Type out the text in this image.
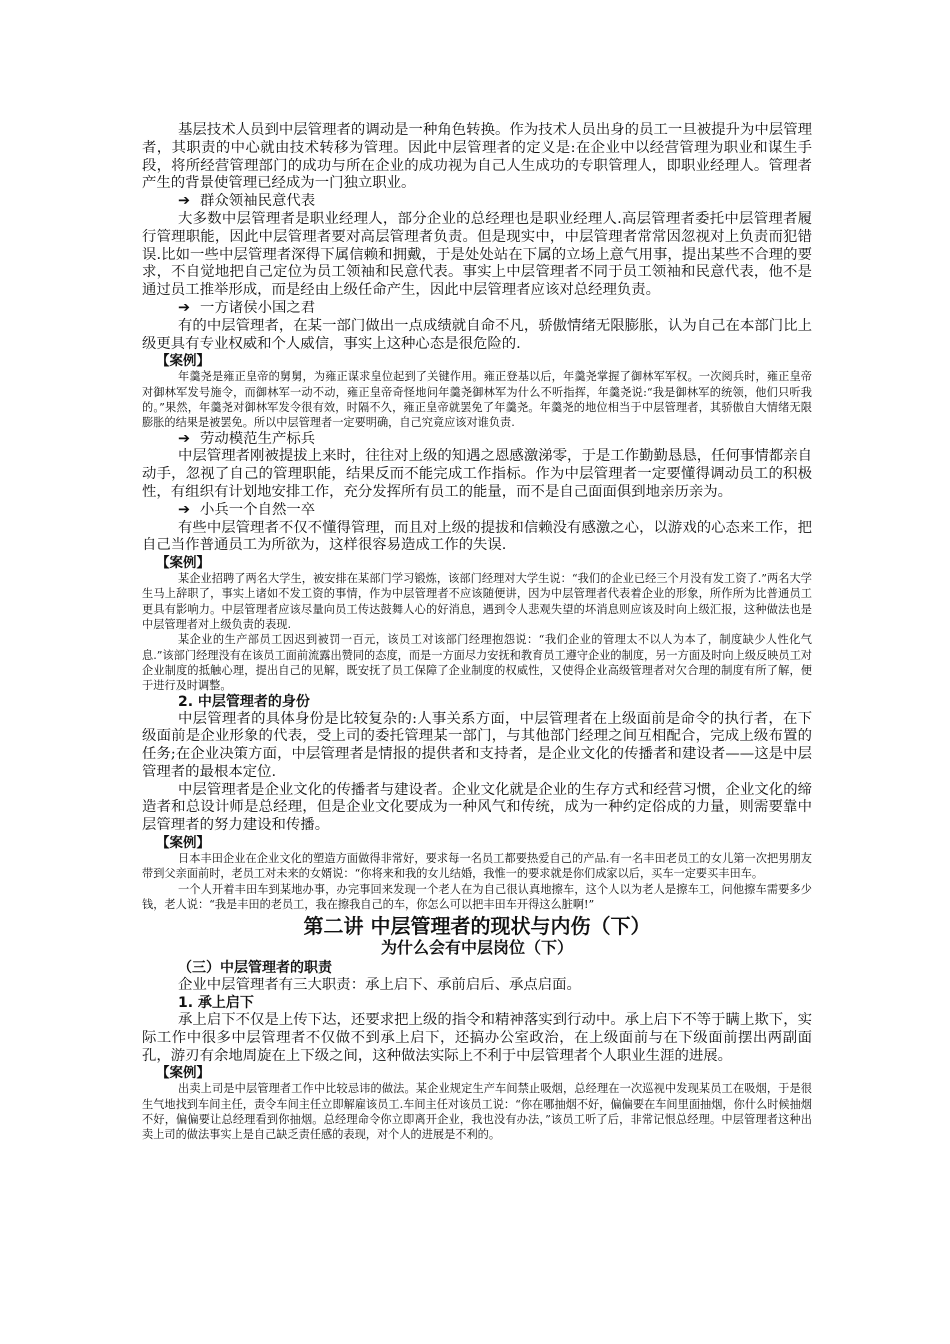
基层技术人员到中层管理者的调动是一种角色转换。作为技术人员出身的员工一旦被提升为中层管理者，其职责的中心就由技术转移为管理。因此中层管理者的定义是:在企业中以经营管理为职业和谋生手段，将所经营管理部门的成功与所在企业的成功视为自己人生成功的专职管理人，即职业经理人。管理者产生的背景使管理已经成为一门独立职业。

➔ 群众领袖民意代表

大多数中层管理者是职业经理人，部分企业的总经理也是职业经理人.高层管理者委托中层管理者履行管理职能，因此中层管理者要对高层管理者负责。但是现实中，中层管理者常常因忽视对上负责而犯错误.比如一些中层管理者深得下属信赖和拥戴，于是处处站在下属的立场上意气用事，提出某些不合理的要求，不自觉地把自己定位为员工领袖和民意代表。事实上中层管理者不同于员工领袖和民意代表，他不是通过员工推举形成，而是经由上级任命产生，因此中层管理者应该对总经理负责。

➔ 一方诸侯小国之君

有的中层管理者，在某一部门做出一点成绩就自命不凡，骄傲情绪无限膨胀，认为自己在本部门比上级更具有专业权威和个人威信，事实上这种心态是很危险的.

【案例】

年羹尧是雍正皇帝的舅舅，为雍正谋求皇位起到了关键作用。雍正登基以后，年羹尧掌握了御林军军权。一次阅兵时，雍正皇帝对御林军发号施令，而御林军一动不动，雍正皇帝奇怪地问年羹尧御林军为什么不听指挥，年羹尧说:“我是御林军的统领，他们只听我的。”果然，年羹尧对御林军发令很有效，时隔不久，雍正皇帝就罢免了年羹尧。年羹尧的地位相当于中层管理者，其骄傲自大情绪无限膨胀的结果是被罢免。所以中层管理者一定要明确，自己究竟应该对谁负责.

➔ 劳动模范生产标兵

中层管理者刚被提拔上来时，往往对上级的知遇之恩感激涕零，于是工作勤勤恳恳，任何事情都亲自动手，忽视了自己的管理职能，结果反而不能完成工作指标。作为中层管理者一定要懂得调动员工的积极性，有组织有计划地安排工作，充分发挥所有员工的能量，而不是自己面面俱到地亲历亲为。

➔ 小兵一个自然一卒

有些中层管理者不仅不懂得管理，而且对上级的提拔和信赖没有感激之心，以游戏的心态来工作，把自己当作普通员工为所欲为，这样很容易造成工作的失误.

【案例】

某企业招聘了两名大学生，被安排在某部门学习锻炼，该部门经理对大学生说：“我们的企业已经三个月没有发工资了.”两名大学生马上辞职了，事实上诸如不发工资的事情，作为中层管理者不应该随便讲，因为中层管理者代表着企业的形象，所作所为比普通员工更具有影响力。中层管理者应该尽量向员工传达鼓舞人心的好消息，遇到令人悲观失望的坏消息则应该及时向上级汇报，这种做法也是中层管理者对上级负责的表现.

某企业的生产部员工因迟到被罚一百元，该员工对该部门经理抱怨说：“我们企业的管理太不以人为本了，制度缺少人性化气息.”该部门经理没有在该员工面前流露出赞同的态度，而是一方面尽力安抚和教育员工遵守企业的制度，另一方面及时向上级反映员工对企业制度的抵触心理，提出自己的见解，既安抚了员工保障了企业制度的权威性，又使得企业高级管理者对欠合理的制度有所了解，便于进行及时调整。

2. 中层管理者的身份

中层管理者的具体身份是比较复杂的:人事关系方面，中层管理者在上级面前是命令的执行者，在下级面前是企业形象的代表，受上司的委托管理某一部门，与其他部门经理之间互相配合，完成上级布置的任务;在企业决策方面，中层管理者是情报的提供者和支持者，是企业文化的传播者和建设者——这是中层管理者的最根本定位.

中层管理者是企业文化的传播者与建设者。企业文化就是企业的生存方式和经营习惯，企业文化的缔造者和总设计师是总经理，但是企业文化要成为一种风气和传统，成为一种约定俗成的力量，则需要靠中层管理者的努力建设和传播。

【案例】

日本丰田企业在企业文化的塑造方面做得非常好，要求每一名员工都要热爱自己的产品.有一名丰田老员工的女儿第一次把男朋友带到父亲面前时，老员工对未来的女婿说：“你将来和我的女儿结婚，我惟一的要求就是你们成家以后，买车一定要买丰田车。

一个人开着丰田车到某地办事，办完事回来发现一个老人在为自己很认真地擦车，这个人以为老人是擦车工，问他擦车需要多少钱，老人说：“我是丰田的老员工，我在擦我自己的车，你怎么可以把丰田车开得这么脏啊!”

第二讲 中层管理者的现状与内伤（下）

为什么会有中层岗位（下）

（三）中层管理者的职责

企业中层管理者有三大职责：承上启下、承前启后、承点启面。

1. 承上启下

承上启下不仅是上传下达，还要求把上级的指令和精神落实到行动中。承上启下不等于瞒上欺下，实际工作中很多中层管理者不仅做不到承上启下，还搞办公室政治，在上级面前与在下级面前摆出两副面孔，游刃有余地周旋在上下级之间，这种做法实际上不利于中层管理者个人职业生涯的进展。

【案例】

出卖上司是中层管理者工作中比较忌讳的做法。某企业规定生产车间禁止吸烟，总经理在一次巡视中发现某员工在吸烟，于是很生气地找到车间主任，责令车间主任立即解雇该员工.车间主任对该员工说：“你在哪抽烟不好，偏偏要在车间里面抽烟，你什么时候抽烟不好，偏偏要让总经理看到你抽烟。总经理命令你立即离开企业，我也没有办法，”该员工听了后，非常记恨总经理。中层管理者这种出卖上司的做法事实上是自己缺乏责任感的表现，对个人的进展是不利的。
